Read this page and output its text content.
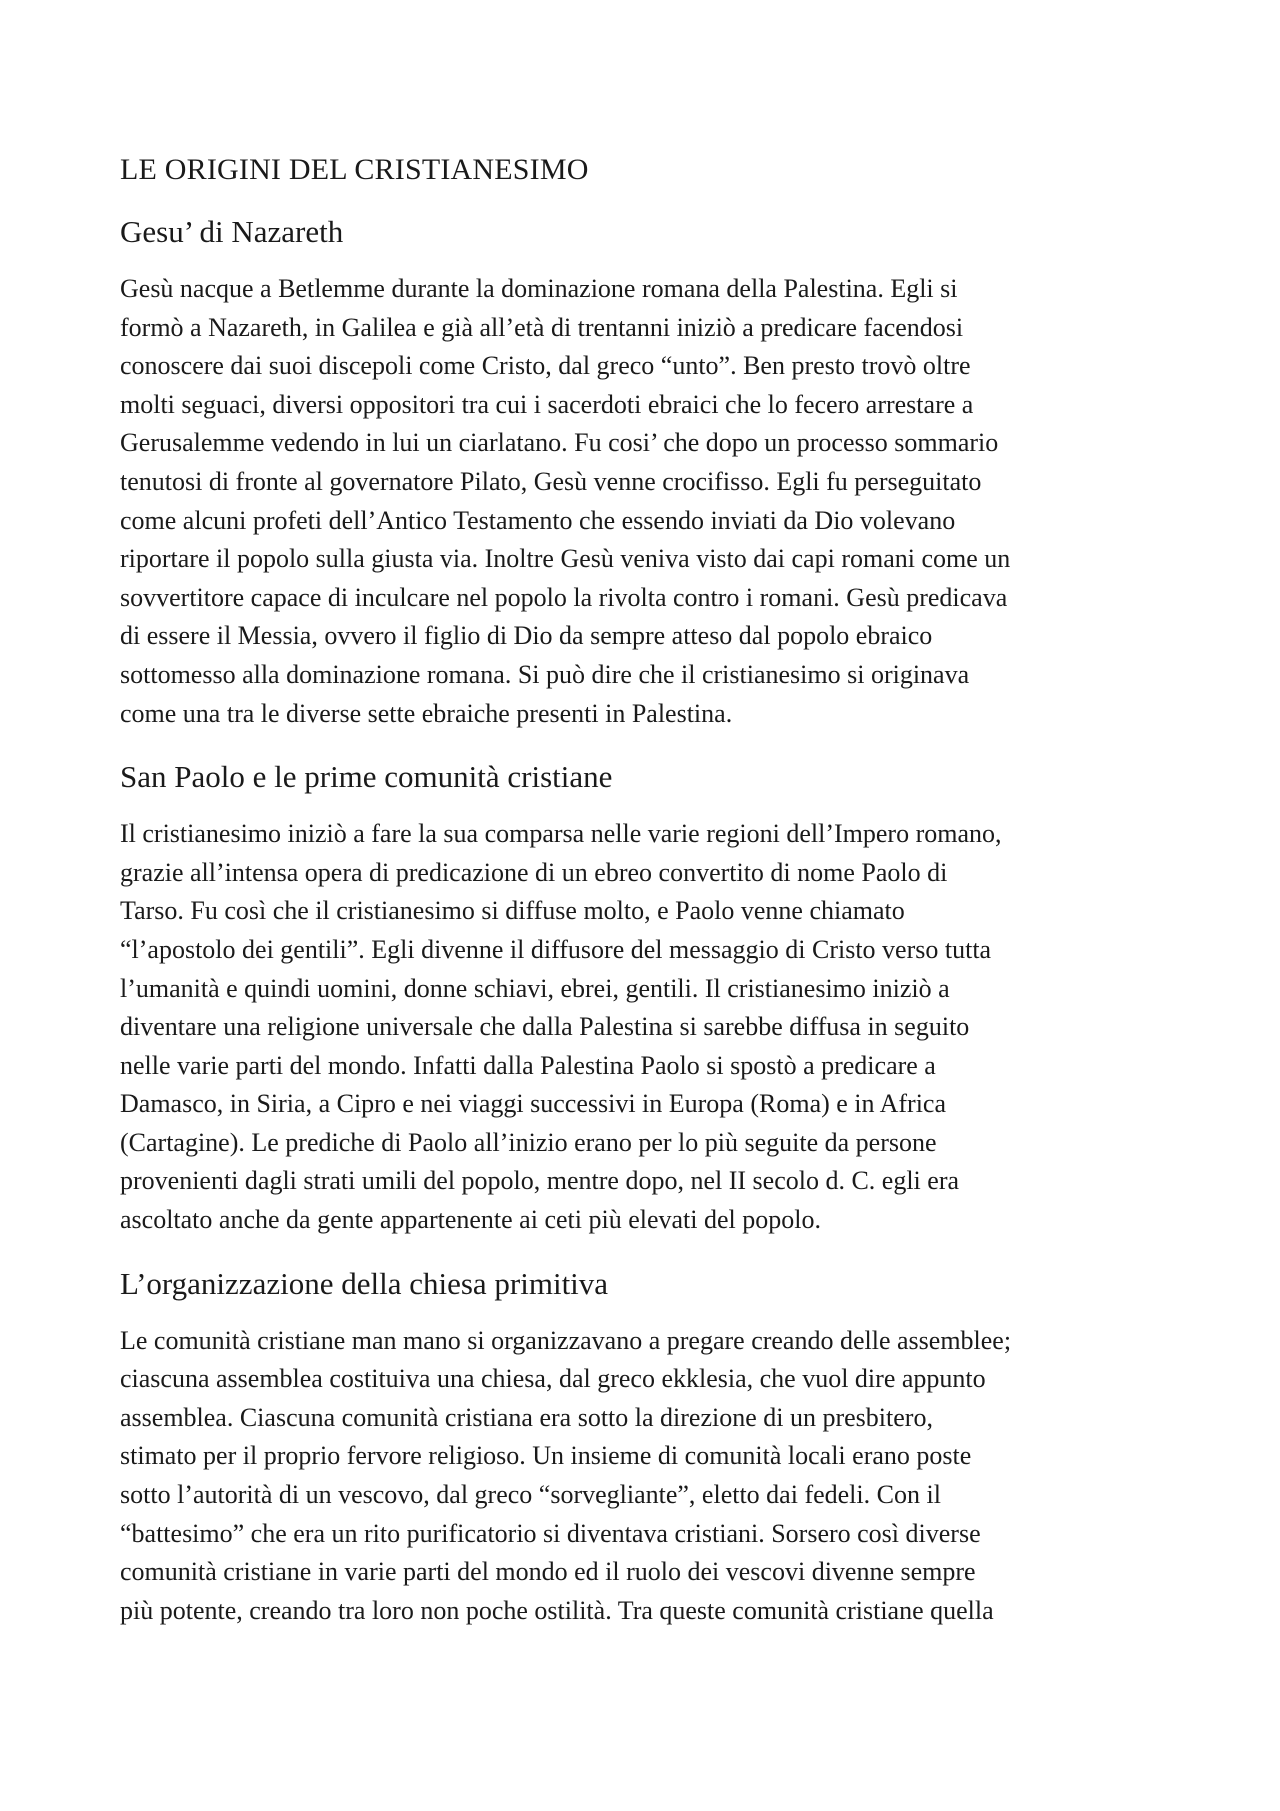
LE ORIGINI DEL CRISTIANESIMO
Gesu’ di Nazareth

Gesù nacque a Betlemme durante la dominazione romana della Palestina. Egli si
formò a Nazareth, in Galilea e già all’età di trentanni iniziò a predicare facendosi
conoscere dai suoi discepoli come Cristo, dal greco “unto”. Ben presto trovò oltre
molti seguaci, diversi oppositori tra cui i sacerdoti ebraici che lo fecero arrestare a
Gerusalemme vedendo in lui un ciarlatano. Fu cosi’ che dopo un processo sommario
tenutosi di fronte al governatore Pilato, Gesù venne crocifisso. Egli fu perseguitato
come alcuni profeti dell’Antico Testamento che essendo inviati da Dio volevano
riportare il popolo sulla giusta via. Inoltre Gesù veniva visto dai capi romani come un
sovvertitore capace di inculcare nel popolo la rivolta contro i romani. Gesù predicava
di essere il Messia, ovvero il figlio di Dio da sempre atteso dal popolo ebraico
sottomesso alla dominazione romana. Si può dire che il cristianesimo si originava
come una tra le diverse sette ebraiche presenti in Palestina.

San Paolo e le prime comunità cristiane

Il cristianesimo iniziò a fare la sua comparsa nelle varie regioni dell’Impero romano,
grazie all’intensa opera di predicazione di un ebreo convertito di nome Paolo di
Tarso. Fu così che il cristianesimo si diffuse molto, e Paolo venne chiamato
“l’apostolo dei gentili”. Egli divenne il diffusore del messaggio di Cristo verso tutta
l’umanità e quindi uomini, donne schiavi, ebrei, gentili. Il cristianesimo iniziò a
diventare una religione universale che dalla Palestina si sarebbe diffusa in seguito
nelle varie parti del mondo. Infatti dalla Palestina Paolo si spostò a predicare a
Damasco, in Siria, a Cipro e nei viaggi successivi in Europa (Roma) e in Africa
(Cartagine). Le prediche di Paolo all’inizio erano per lo più seguite da persone
provenienti dagli strati umili del popolo, mentre dopo, nel II secolo d. C. egli era
ascoltato anche da gente appartenente ai ceti più elevati del popolo.

L’organizzazione della chiesa primitiva

Le comunità cristiane man mano si organizzavano a pregare creando delle assemblee;
ciascuna assemblea costituiva una chiesa, dal greco ekklesia, che vuol dire appunto
assemblea. Ciascuna comunità cristiana era sotto la direzione di un presbitero,
stimato per il proprio fervore religioso. Un insieme di comunità locali erano poste
sotto l’autorità di un vescovo, dal greco “sorvegliante”, eletto dai fedeli. Con il
“battesimo” che era un rito purificatorio si diventava cristiani. Sorsero così diverse
comunità cristiane in varie parti del mondo ed il ruolo dei vescovi divenne sempre
più potente, creando tra loro non poche ostilità. Tra queste comunità cristiane quella
